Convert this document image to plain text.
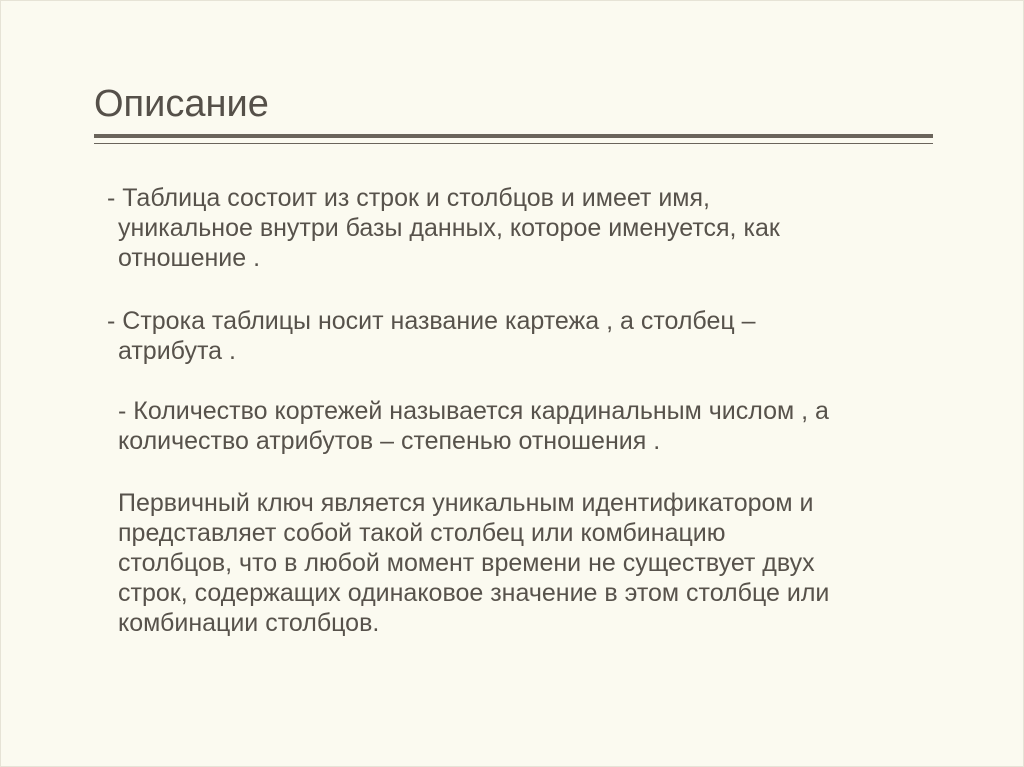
Описание

- Таблица состоит из строк и столбцов и имеет имя,
уникальное внутри базы данных, которое именуется, как
отношение .

- Строка таблицы носит название картежа , а столбец –
атрибута .

- Количество кортежей называется кардинальным числом , а
количество атрибутов – степенью отношения .

Первичный ключ является уникальным идентификатором и
представляет собой такой столбец или комбинацию
столбцов, что в любой момент времени не существует двух
строк, содержащих одинаковое значение в этом столбце или
комбинации столбцов.
